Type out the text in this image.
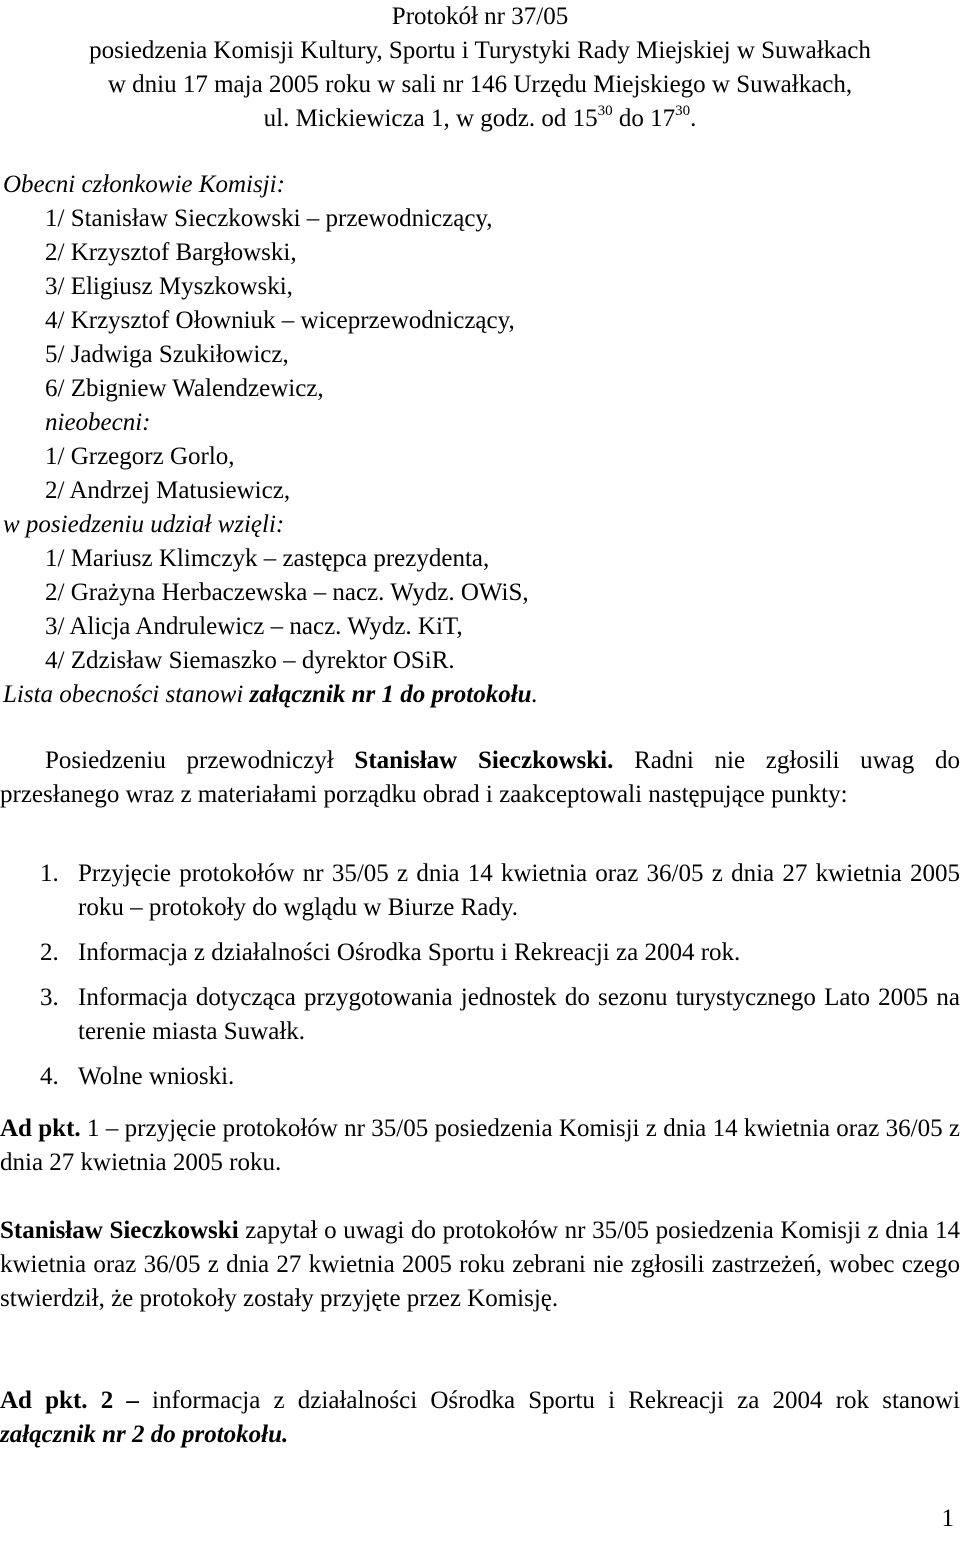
Protokół nr 37/05
posiedzenia Komisji Kultury, Sportu i Turystyki Rady Miejskiej w Suwałkach
w dniu 17 maja 2005 roku w sali nr 146 Urzędu Miejskiego w Suwałkach,
ul. Mickiewicza 1, w godz. od $15^{30}$ do $17^{30}$.
Obecni członkowie Komisji:
1/ Stanisław Sieczkowski – przewodniczący,
2/ Krzysztof Bargłowski,
3/ Eligiusz Myszkowski,
4/ Krzysztof Ołowniuk – wiceprzewodniczący,
5/ Jadwiga Szukiłowicz,
6/ Zbigniew Walendzewicz,
nieobecni:
1/ Grzegorz Gorlo,
2/ Andrzej Matusiewicz,
w posiedzeniu udział wzięli:
1/ Mariusz Klimczyk – zastępca prezydenta,
2/ Grażyna Herbaczewska – nacz. Wydz. OWiS,
3/ Alicja Andrulewicz – nacz. Wydz. KiT,
4/ Zdzisław Siemaszko – dyrektor OSiR.
Lista obecności stanowi załącznik nr 1 do protokołu.
Posiedzeniu przewodniczył Stanisław Sieczkowski. Radni nie zgłosili uwag do przesłanego wraz z materiałami porządku obrad i zaakceptowali następujące punkty:
1. Przyjęcie protokołów nr 35/05 z dnia 14 kwietnia oraz 36/05 z dnia 27 kwietnia 2005 roku – protokoły do wglądu w Biurze Rady.
2. Informacja z działalności Ośrodka Sportu i Rekreacji za 2004 rok.
3. Informacja dotycząca przygotowania jednostek do sezonu turystycznego Lato 2005 na terenie miasta Suwałk.
4. Wolne wnioski.
Ad pkt. 1 – przyjęcie protokołów nr 35/05 posiedzenia Komisji z dnia 14 kwietnia oraz 36/05 z dnia 27 kwietnia 2005 roku.
Stanisław Sieczkowski zapytał o uwagi do protokołów nr 35/05 posiedzenia Komisji z dnia 14 kwietnia oraz 36/05 z dnia 27 kwietnia 2005 roku zebrani nie zgłosili zastrzeżeń, wobec czego stwierdził, że protokoły zostały przyjęte przez Komisję.
Ad pkt. 2 – informacja z działalności Ośrodka Sportu i Rekreacji za 2004 rok stanowi załącznik nr 2 do protokołu.
1
